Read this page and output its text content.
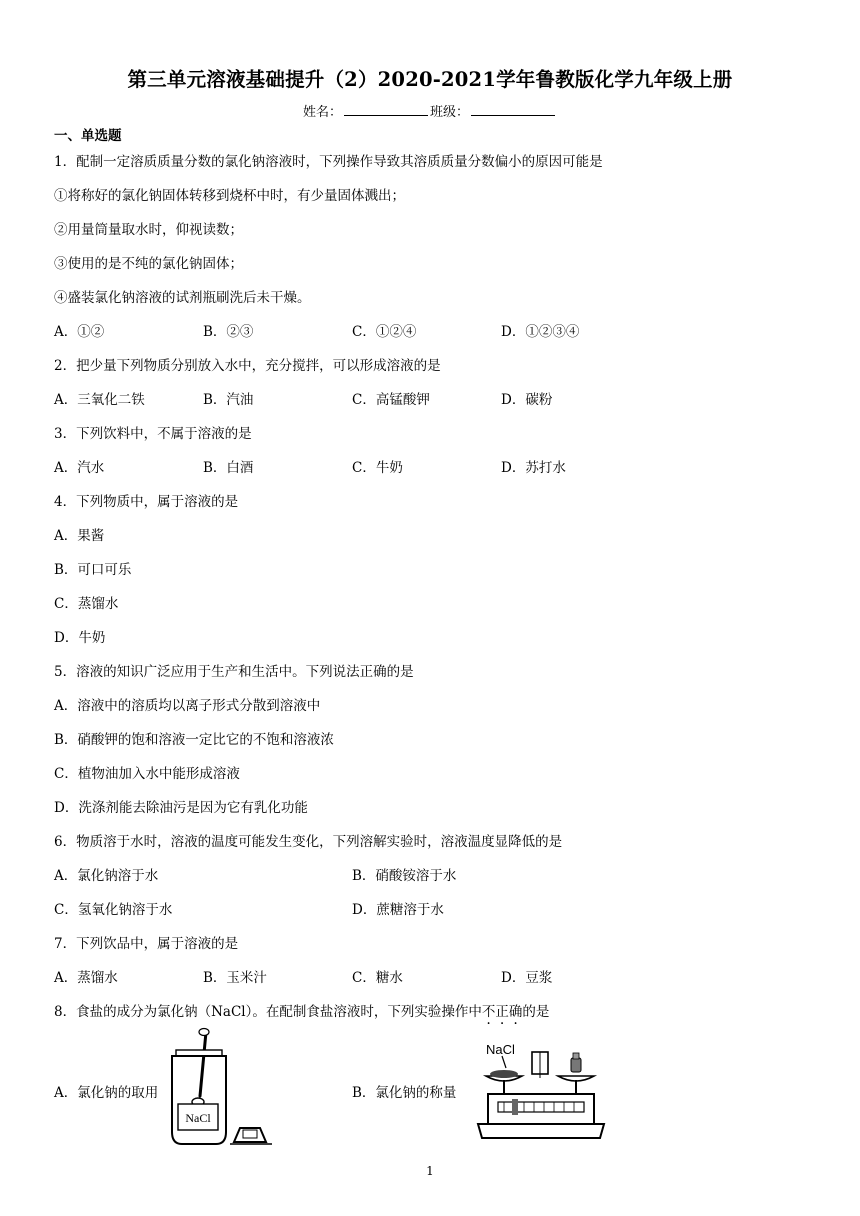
第三单元溶液基础提升（2）2020-2021学年鲁教版化学九年级上册
姓名：	班级：
一、单选题
1．配制一定溶质质量分数的氯化钠溶液时，下列操作导致其溶质质量分数偏小的原因可能是
①将称好的氯化钠固体转移到烧杯中时，有少量固体溅出；
②用量筒量取水时，仰视读数；
③使用的是不纯的氯化钠固体；
④盛装氯化钠溶液的试剂瓶刷洗后未干燥。
A．①②	B．②③	C．①②④	D．①②③④
2．把少量下列物质分别放入水中，充分搅拌，可以形成溶液的是
A．三氧化二铁	B．汽油	C．高锰酸钾	D．碳粉
3．下列饮料中，不属于溶液的是
A．汽水	B．白酒	C．牛奶	D．苏打水
4．下列物质中，属于溶液的是
A．果酱
B．可口可乐
C．蒸馏水
D．牛奶
5．溶液的知识广泛应用于生产和生活中。下列说法正确的是
A．溶液中的溶质均以离子形式分散到溶液中
B．硝酸钾的饱和溶液一定比它的不饱和溶液浓
C．植物油加入水中能形成溶液
D．洗涤剂能去除油污是因为它有乳化功能
6．物质溶于水时，溶液的温度可能发生变化，下列溶解实验时，溶液温度显降低的是
A．氯化钠溶于水	B．硝酸铵溶于水
C．氢氧化钠溶于水	D．蔗糖溶于水
7．下列饮品中，属于溶液的是
A．蒸馏水	B．玉米汁	C．糖水	D．豆浆
8．食盐的成分为氯化钠（NaCl）。在配制食盐溶液时，下列实验操作中不正确的是
A．氯化钠的取用	B．氯化钠的称量
NaCl
NaCl
1
